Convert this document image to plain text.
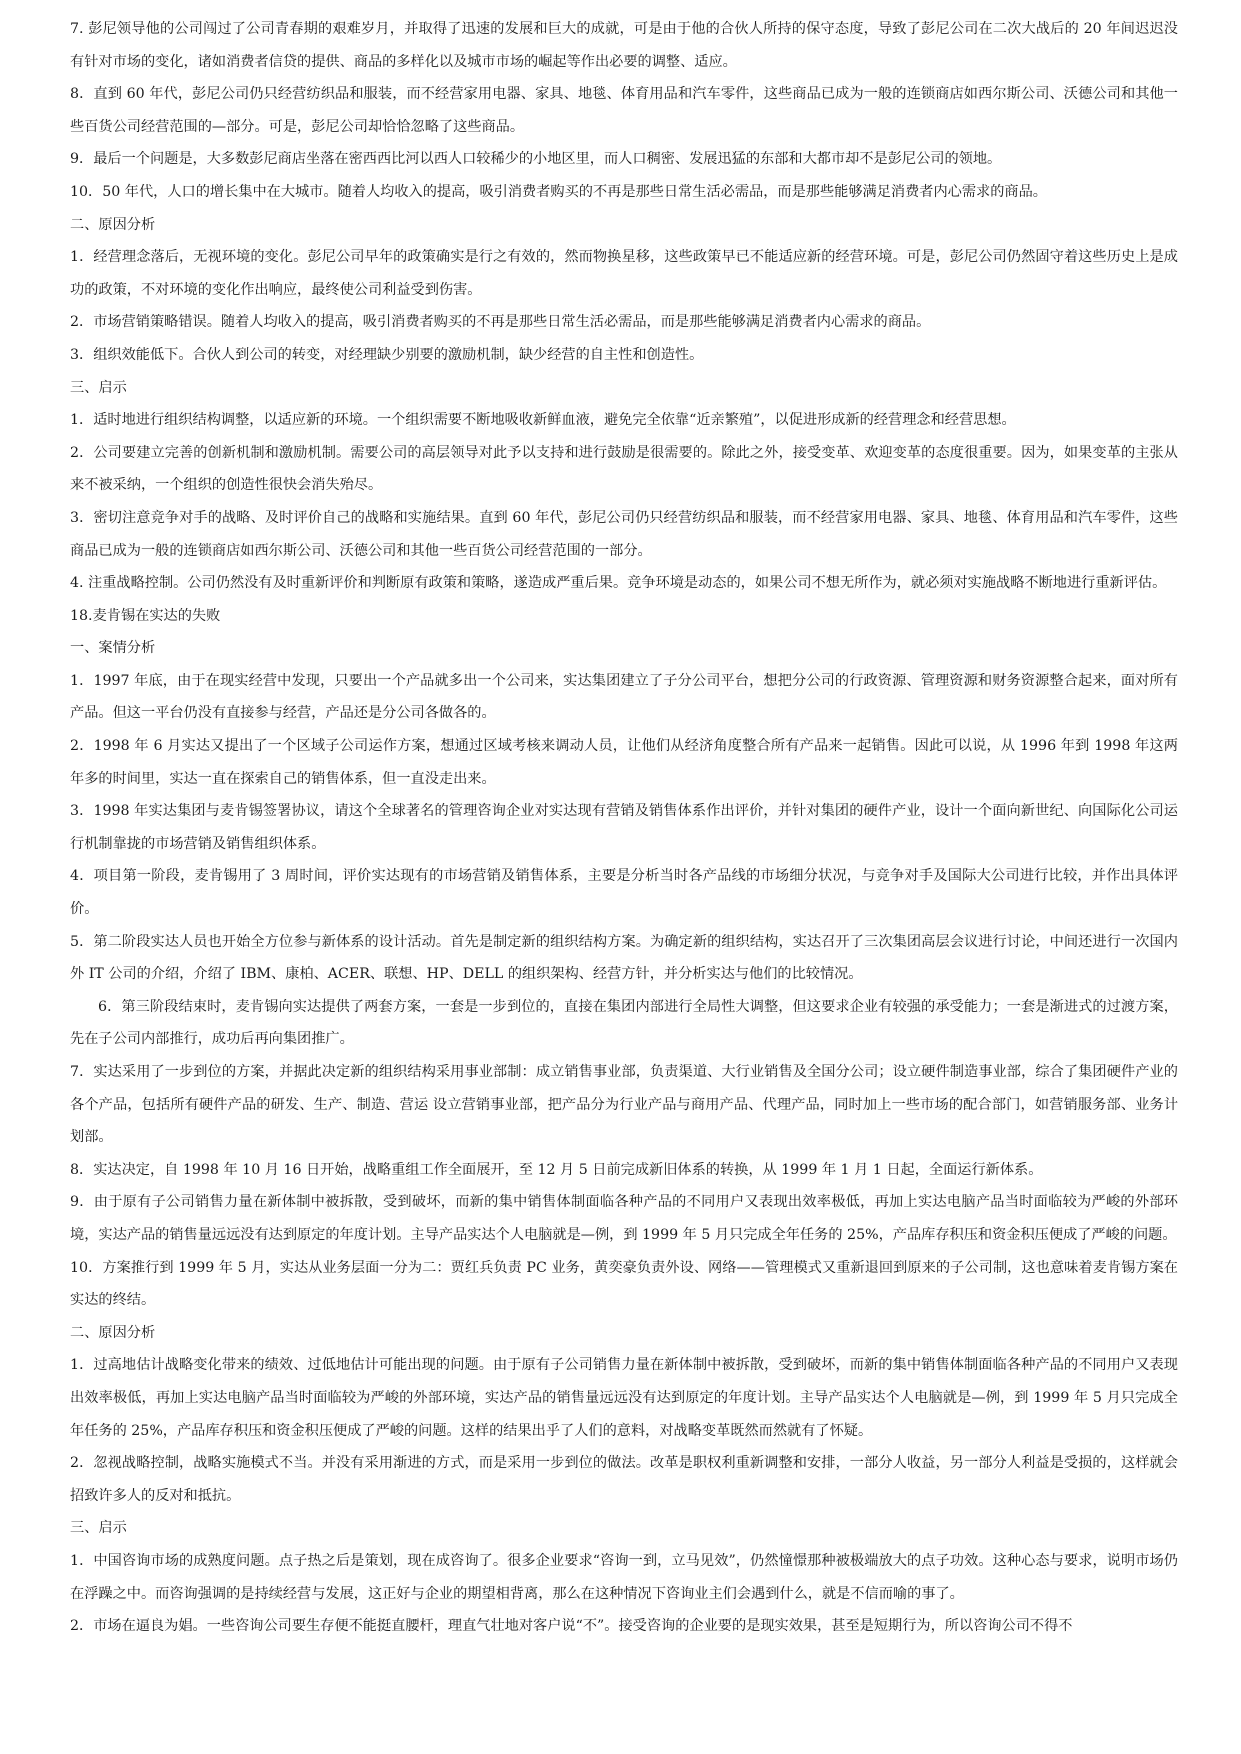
7. 彭尼领导他的公司闯过了公司青春期的艰难岁月，并取得了迅速的发展和巨大的成就，可是由于他的合伙人所持的保守态度，导致了彭尼公司在二次大战后的 20 年间迟迟没有针对市场的变化，诸如消费者信贷的提供、商品的多样化以及城市市场的崛起等作出必要的调整、适应。

8．直到 60 年代，彭尼公司仍只经营纺织品和服装，而不经营家用电器、家具、地毯、体育用品和汽车零件，这些商品已成为一般的连锁商店如西尔斯公司、沃德公司和其他一些百货公司经营范围的—部分。可是，彭尼公司却恰恰忽略了这些商品。

9．最后一个问题是，大多数彭尼商店坐落在密西西比河以西人口较稀少的小地区里，而人口稠密、发展迅猛的东部和大都市却不是彭尼公司的领地。

10．50 年代，人口的增长集中在大城市。随着人均收入的提高，吸引消费者购买的不再是那些日常生活必需品，而是那些能够满足消费者内心需求的商品。

二、原因分析

1．经营理念落后，无视环境的变化。彭尼公司早年的政策确实是行之有效的，然而物换星移，这些政策早已不能适应新的经营环境。可是，彭尼公司仍然固守着这些历史上是成功的政策，不对环境的变化作出响应，最终使公司利益受到伤害。

2．市场营销策略错误。随着人均收入的提高，吸引消费者购买的不再是那些日常生活必需品，而是那些能够满足消费者内心需求的商品。

3．组织效能低下。合伙人到公司的转变，对经理缺少别要的激励机制，缺少经营的自主性和创造性。

三、启示

1．适时地进行组织结构调整，以适应新的环境。一个组织需要不断地吸收新鲜血液，避免完全依靠“近亲繁殖”，以促进形成新的经营理念和经营思想。

2．公司要建立完善的创新机制和激励机制。需要公司的高层领导对此予以支持和进行鼓励是很需要的。除此之外，接受变革、欢迎变革的态度很重要。因为，如果变革的主张从来不被采纳，一个组织的创造性很快会消失殆尽。

3．密切注意竞争对手的战略、及时评价自己的战略和实施结果。直到 60 年代，彭尼公司仍只经营纺织品和服装，而不经营家用电器、家具、地毯、体育用品和汽车零件，这些商品已成为一般的连锁商店如西尔斯公司、沃德公司和其他一些百货公司经营范围的一部分。

4. 注重战略控制。公司仍然没有及时重新评价和判断原有政策和策略，遂造成严重后果。竞争环境是动态的，如果公司不想无所作为，就必须对实施战略不断地进行重新评估。

18.麦肯锡在实达的失败

一、案情分析

1．1997 年底，由于在现实经营中发现，只要出一个产品就多出一个公司来，实达集团建立了子分公司平台，想把分公司的行政资源、管理资源和财务资源整合起来，面对所有产品。但这一平台仍没有直接参与经营，产品还是分公司各做各的。

2．1998 年 6 月实达又提出了一个区域子公司运作方案，想通过区域考核来调动人员，让他们从经济角度整合所有产品来一起销售。因此可以说，从 1996 年到 1998 年这两年多的时间里，实达一直在探索自己的销售体系，但一直没走出来。

3．1998 年实达集团与麦肯锡签署协议，请这个全球著名的管理咨询企业对实达现有营销及销售体系作出评价，并针对集团的硬件产业，设计一个面向新世纪、向国际化公司运行机制靠拢的市场营销及销售组织体系。

4．项目第一阶段，麦肯锡用了 3 周时间，评价实达现有的市场营销及销售体系，主要是分析当时各产品线的市场细分状况，与竞争对手及国际大公司进行比较，并作出具体评价。

5．第二阶段实达人员也开始全方位参与新体系的设计活动。首先是制定新的组织结构方案。为确定新的组织结构，实达召开了三次集团高层会议进行讨论，中间还进行一次国内外 IT 公司的介绍，介绍了 IBM、康柏、ACER、联想、HP、DELL 的组织架构、经营方针，并分析实达与他们的比较情况。

6．第三阶段结束时，麦肯锡向实达提供了两套方案，一套是一步到位的，直接在集团内部进行全局性大调整，但这要求企业有较强的承受能力；一套是渐进式的过渡方案，先在子公司内部推行，成功后再向集团推广。

7．实达采用了一步到位的方案，并据此决定新的组织结构采用事业部制：成立销售事业部，负责渠道、大行业销售及全国分公司；设立硬件制造事业部，综合了集团硬件产业的各个产品，包括所有硬件产品的研发、生产、制造、营运 设立营销事业部，把产品分为行业产品与商用产品、代理产品，同时加上一些市场的配合部门，如营销服务部、业务计划部。

8．实达决定，自 1998 年 10 月 16 日开始，战略重组工作全面展开，至 12 月 5 日前完成新旧体系的转换，从 1999 年 1 月 1 日起，全面运行新体系。

9．由于原有子公司销售力量在新体制中被拆散，受到破坏，而新的集中销售体制面临各种产品的不同用户又表现出效率极低，再加上实达电脑产品当时面临较为严峻的外部环境，实达产品的销售量远远没有达到原定的年度计划。主导产品实达个人电脑就是—例，到 1999 年 5 月只完成全年任务的 25%，产品库存积压和资金积压便成了严峻的问题。

10．方案推行到 1999 年 5 月，实达从业务层面一分为二：贾红兵负责 PC 业务，黄奕豪负责外设、网络——管理模式又重新退回到原来的子公司制，这也意味着麦肯锡方案在实达的终结。

二、原因分析

1．过高地估计战略变化带来的绩效、过低地估计可能出现的问题。由于原有子公司销售力量在新体制中被拆散，受到破坏，而新的集中销售体制面临各种产品的不同用户又表现出效率极低，再加上实达电脑产品当时面临较为严峻的外部环境，实达产品的销售量远远没有达到原定的年度计划。主导产品实达个人电脑就是—例，到 1999 年 5 月只完成全年任务的 25%，产品库存积压和资金积压便成了严峻的问题。这样的结果出乎了人们的意料，对战略变革既然而然就有了怀疑。

2．忽视战略控制，战略实施模式不当。并没有采用渐进的方式，而是采用一步到位的做法。改革是职权利重新调整和安排，一部分人收益，另一部分人利益是受损的，这样就会招致许多人的反对和抵抗。

三、启示

1．中国咨询市场的成熟度问题。点子热之后是策划，现在成咨询了。很多企业要求“咨询一到，立马见效”，仍然憧憬那种被极端放大的点子功效。这种心态与要求，说明市场仍在浮躁之中。而咨询强调的是持续经营与发展，这正好与企业的期望相背离，那么在这种情况下咨询业主们会遇到什么，就是不信而喻的事了。

2．市场在逼良为娼。一些咨询公司要生存便不能挺直腰杆，理直气壮地对客户说“不”。接受咨询的企业要的是现实效果，甚至是短期行为，所以咨询公司不得不
